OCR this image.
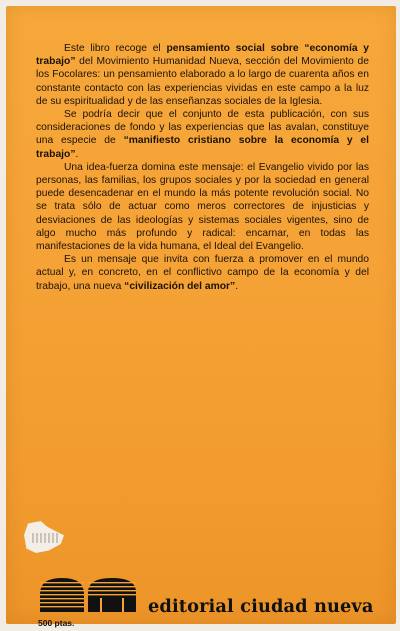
Este libro recoge el pensamiento social sobre “economía y trabajo” del Movimiento Humanidad Nueva, sección del Movimiento de los Focolares: un pensamiento elaborado a lo largo de cuarenta años en constante contacto con las experiencias vividas en este campo a la luz de su espiritualidad y de las enseñanzas sociales de la Iglesia.

Se podría decir que el conjunto de esta publicación, con sus consideraciones de fondo y las experiencias que las avalan, constituye una especie de “manifiesto cristiano sobre la economía y el trabajo”.

Una idea-fuerza domina este mensaje: el Evangelio vivido por las personas, las familias, los grupos sociales y por la sociedad en general puede desencadenar en el mundo la más potente revolución social. No se trata sólo de actuar como meros correctores de injusticias y desviaciones de las ideologías y sistemas sociales vigentes, sino de algo mucho más profundo y radical: encarnar, en todas las manifestaciones de la vida humana, el Ideal del Evangelio.

Es un mensaje que invita con fuerza a promover en el mundo actual y, en concreto, en el conflictivo campo de la economía y del trabajo, una nueva “civilización del amor”.

editorial ciudad nueva
500 ptas.
